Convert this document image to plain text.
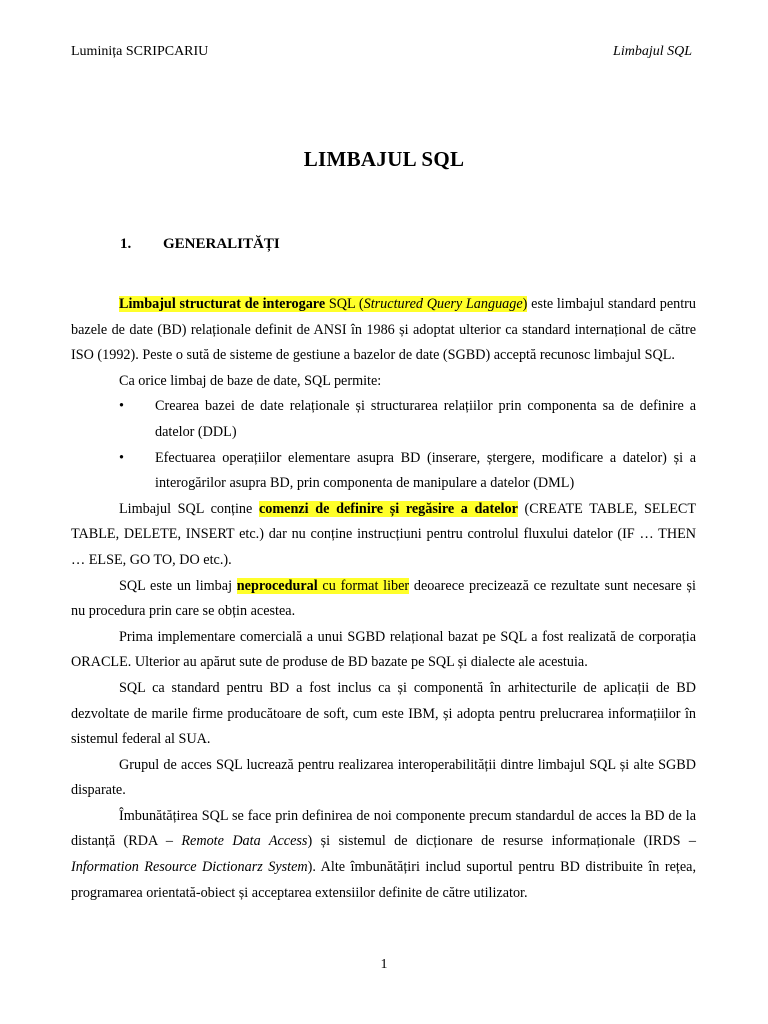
Luminița SCRIPCARIU	Limbajul SQL
LIMBAJUL SQL
1. GENERALITĂȚI

Limbajul structurat de interogare SQL (Structured Query Language) este limbajul standard pentru bazele de date (BD) relaționale definit de ANSI în 1986 și adoptat ulterior ca standard internațional de către ISO (1992). Peste o sută de sisteme de gestiune a bazelor de date (SGBD) acceptă recunosc limbajul SQL.

Ca orice limbaj de baze de date, SQL permite:

• Crearea bazei de date relaționale și structurarea relațiilor prin componenta sa de definire a datelor (DDL)
• Efectuarea operațiilor elementare asupra BD (inserare, ștergere, modificare a datelor) și a interogărilor asupra BD, prin componenta de manipulare a datelor (DML)

Limbajul SQL conține comenzi de definire și regăsire a datelor (CREATE TABLE, SELECT TABLE, DELETE, INSERT etc.) dar nu conține instrucțiuni pentru controlul fluxului datelor (IF … THEN … ELSE, GO TO, DO etc.).

SQL este un limbaj neprocedural cu format liber deoarece precizează ce rezultate sunt necesare și nu procedura prin care se obțin acestea.

Prima implementare comercială a unui SGBD relațional bazat pe SQL a fost realizată de corporația ORACLE. Ulterior au apărut sute de produse de BD bazate pe SQL și dialecte ale acestuia.

SQL ca standard pentru BD a fost inclus ca și componentă în arhitecturile de aplicații de BD dezvoltate de marile firme producătoare de soft, cum este IBM, și adopta pentru prelucrarea informațiilor în sistemul federal al SUA.

Grupul de acces SQL lucrează pentru realizarea interoperabilității dintre limbajul SQL și alte SGBD disparate.

Îmbunătățirea SQL se face prin definirea de noi componente precum standardul de acces la BD de la distanță (RDA – Remote Data Access) și sistemul de dicționare de resurse informaționale (IRDS – Information Resource Dictionarz System). Alte îmbunătățiri includ suportul pentru BD distribuite în rețea, programarea orientată-obiect și acceptarea extensiilor definite de către utilizator.

1
